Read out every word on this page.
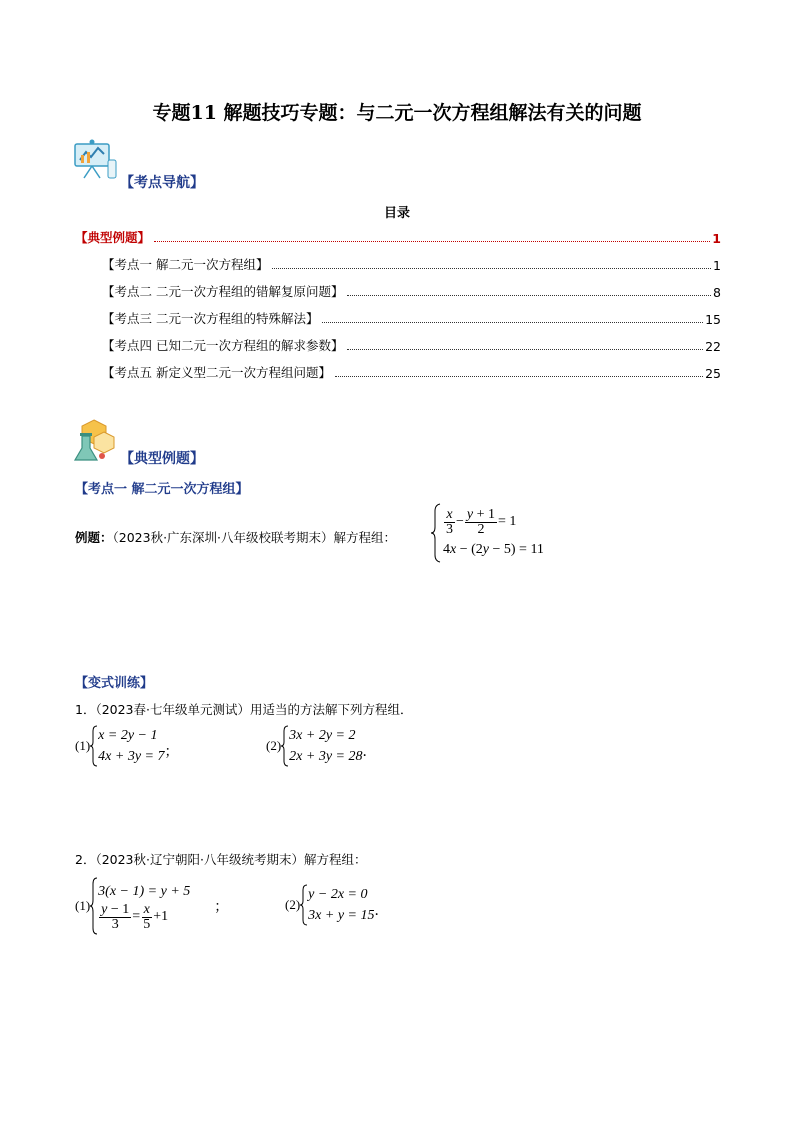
专题11 解题技巧专题：与二元一次方程组解法有关的问题
【考点导航】
目录
【典型例题】	1
【考点一 解二元一次方程组】	1
【考点二 二元一次方程组的错解复原问题】	8
【考点三 二元一次方程组的特殊解法】	15
【考点四 已知二元一次方程组的解求参数】	22
【考点五 新定义型二元一次方程组问题】	25
【典型例题】
【考点一 解二元一次方程组】
例题：（2023秋·广东深圳·八年级校联考期末）解方程组：
$\frac{x}{3} - \frac{y + 1}{2} = 1$
4x − (2y − 5) = 11
【变式训练】
1．（2023春·七年级单元测试）用适当的方法解下列方程组．
(1)
x = 2y − 1
4x + 3y = 7 ；	(2)
3x + 2y = 2
2x + 3y = 28 ．
2．（2023秋·辽宁朝阳·八年级统考期末）解方程组：
(1)
3(x − 1) = y + 5
$\frac{y - 1}{3} = \frac{x}{5} +1$
；	(2)
y − 2x = 0
3x + y = 15 ．
